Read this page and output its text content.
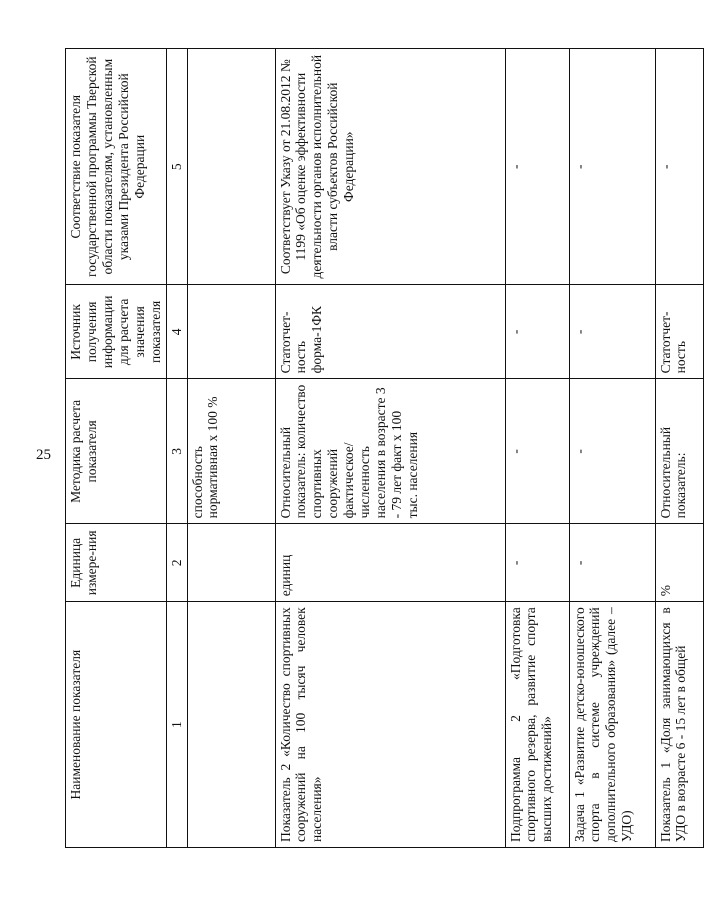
25
Наименование показателя	Единица измере-ния	Методика расчета показателя	Источник получения информации для расчета значения показателя	Соответствие показателя государственной программы Тверской области показателям, установленным указами Президента Российской Федерации
1	2	3	4	5
		способность нормативная х 100 %		
Показатель 2 «Количество спортивных сооружений на 100 тысяч человек населения»	единиц	Относительный показатель: количество спортивных сооружений фактическое/ численность населения в возрасте 3 - 79 лет факт х 100 тыс. населения	Статотчет-ность форма-1ФК	Соответствует Указу от 21.08.2012 № 1199 «Об оценке эффективности деятельности органов исполнительной власти субъектов Российской Федерации»
Подпрограмма 2 «Подготовка спортивного резерва, развитие спорта высших достижений»	-	-	-	-
Задача 1 «Развитие детско-юношеского спорта в системе учреждений дополнительного образования» (далее – УДО)	-	-	-	-
Показатель 1 «Доля занимающихся в УДО в возрасте 6 - 15 лет в общей	%	Относительный показатель:	Статотчет-ность	-
